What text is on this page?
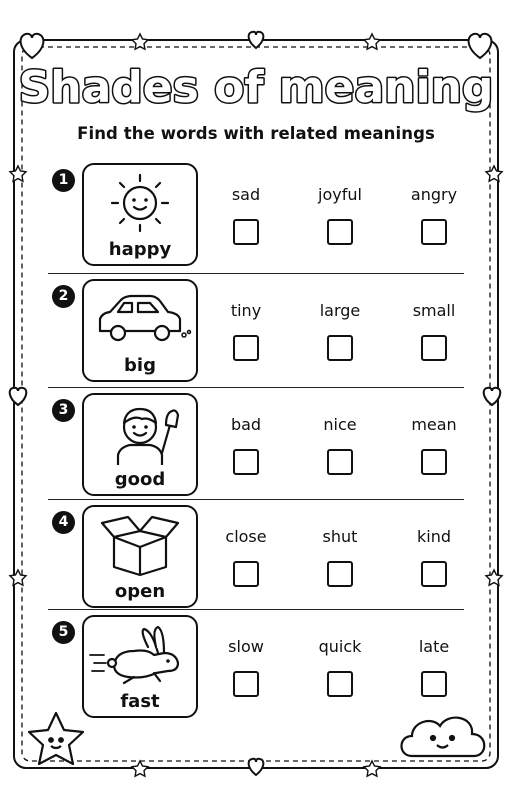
Shades of meaning
Find the words with related meanings
1
happy
sad	joyful	angry
2
big
tiny	large	small
3
good
bad	nice	mean
4
open
close	shut	kind
5
fast
slow	quick	late
